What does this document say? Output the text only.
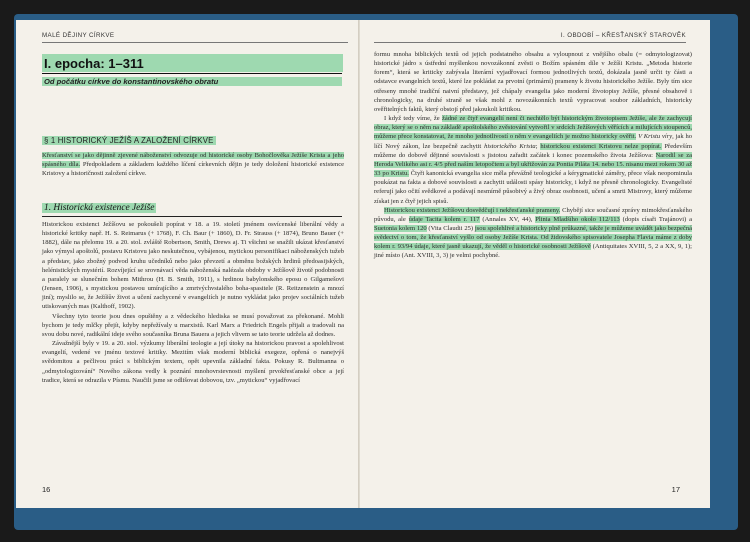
MALÉ DĚJINY CÍRKVE
I. epocha: 1–311
Od počátku církve do konstantinovského obratu
§ 1 HISTORICKÝ JEŽÍŠ A ZALOŽENÍ CÍRKVE

Křesťanství se jako dějinně zjevené náboženství odvozuje od historické osoby Bohočlověka Ježíše Krista a jeho spásného díla. Předpokladem a základem každého líčení církevních dějin je tedy doložení historické existence Kristovy a historičnosti založení církve.

1. Historická existence Ježíše

Historickou existenci Ježíšovu se pokoušeli popírat v 18. a 19. století jménem osvícenské liberální vědy a historické kritiky např. H. S. Reimarus (+ 1768), F. Ch. Baur (+ 1860), D. Fr. Strauss (+ 1874), Bruno Bauer (+ 1882), dále na přelomu 19. a 20. stol. zvláště Robertson, Smith, Drews aj. Ti všichni se snažili ukázat křesťanství jako výmysl apoštolů, postavu Kristovu jako neskutečnou, vybájenou, mytickou personifikaci náboženských tužeb a představ, jako zbožný podvod kruhu učedníků nebo jako převzetí a obměnu božských hrdinů předoasijských, helénistických mystérií. Rozvíjející se srovnávací věda náboženská nalézala obdoby v Ježíšově životě podobnosti a paralely se slunečním bohem Mithrou (H. B. Smith, 1911), s hrdinou babylonského eposu o Gilgamešovi (Jensen, 1906), s mystickou postavou umírajícího a zmrtvýchvstalého boha-spasitele (R. Reitzenstein a mnozí jiní); myslilo se, že Ježíšův život a učení zachycené v evangeliích je nutno vykládat jako projev sociálních tužeb utiskovaných mas (Kalthoff, 1902).

Všechny tyto teorie jsou dnes opuštěny a z vědeckého hlediska se musí považovat za překonané. Mohli bychom je tedy mlčky přejít, kdyby nepřežívaly u marxistů. Karl Marx a Friedrich Engels přijali a tradovali na svou dobu nové, radikální ideje svého současníka Bruna Bauera a jejich vlivem se tato teorie udržela až dodnes.

Závažnější byly v 19. a 20. stol. výzkumy liberální teologie a její útoky na historickou pravost a spolehlivost evangelií, vedené ve jménu textové kritiky. Mezitím však moderní biblická exegeze, opřená o nanejvýš svědomitou a pečlivou práci s biblickým textem, opět upevnila základní fakta. Pokusy R. Bultmanna o „odmytologizování“ Nového zákona vedly k poznání mnohovrstevnosti myšlení prvokřesťanské obce a její tradice, která se odrazila v Písmu. Naučili jsme se odlišovat dobovou, tzv. „mytickou“ vyjadřovací

16
I. OBDOBÍ – KŘESŤANSKÝ STAROVĚK

formu mnoha biblických textů od jejich podstatného obsahu a vyloupnout z vnějšího obalu (= odmytologizovat) historické jádro s ústřední myšlenkou novozákonní zvěsti o Božím spásném díle v Ježíši Kristu. „Metoda historie forem“, která se kriticky zabývala literární vyjadřovací formou jednotlivých textů, dokázala jasně určit ty části a odstavce evangelních textů, které lze pokládat za prvotní (primární) prameny k životu historického Ježíše. Byly tím sice otřeseny mnohé tradiční naivní představy, jež chápaly evangelia jako moderní životopisy Ježíše, přesné obsahově i chronologicky, na druhé straně se však mohl z novozákonních textů vypracovat soubor základních, historicky ověřitelných faktů, který obstojí před jakoukoli kritikou.

I když tedy víme, že žádné ze čtyř evangelií není či nechtělo být historickým životopisem Ježíše, ale že zachycují obraz, který se o něm na základě apoštolského zvěstování vytvořil v srdcích Ježíšových věřících a milujících stoupenců, můžeme přece konstatovat, že mnoho jednotlivostí o něm v evangeliích je možno historicky ověřit. V Kristu víry, jak ho líčí Nový zákon, lze bezpečně zachytit historického Krista; historickou existenci Kristovu nelze popírat. Především můžeme do dobově dějinné souvislosti s jistotou zařadit začátek i konec pozemského života Ježíšova: Narodil se za Heroda Velikého asi r. 4/5 před naším letopočtem a byl ukřižován za Pontia Piláta 14. nebo 15. nisanu mezi rokem 30 až 33 po Kristu. Čtyři kanonická evangelia sice měla převážně teologické a kérygmatické záměry, přece však neopominula poukázat na fakta a dobové souvislosti a zachytit události spásy historicky, i když ne přesně chronologicky. Evangelisté referují jako očití svědkové a podávají nesmírně působivý a živý obraz osobnosti, učení a smrti Mistrovy, který můžeme získat jen z čtyř jejich spisů.

Historickou existenci Ježíšovu dosvědčují i nekřesťanské prameny. Chybějí sice současné zprávy mimokřesťanského původu, ale údaje Tacita kolem r. 117 (Annales XV, 44), Plinia Mladšího okolo 112/113 (dopis císaři Trajánovi) a Suetonia kolem 120 (Vita Claudii 25) jsou spolehlivé a historicky plně průkazné, takže je můžeme uvádět jako bezpečná svědectví o tom, že křesťanství vyšlo od osoby Ježíše Krista. Od židovského spisovatele Josepha Flavia máme z doby kolem r. 93/94 údaje, které jasně ukazují, že věděl o historické osobnosti Ježíšově (Antiquitates XVIII, 5, 2 a XX, 9, 1); jiné místo (Ant. XVIII, 3, 3) je velmi pochybné.

17
